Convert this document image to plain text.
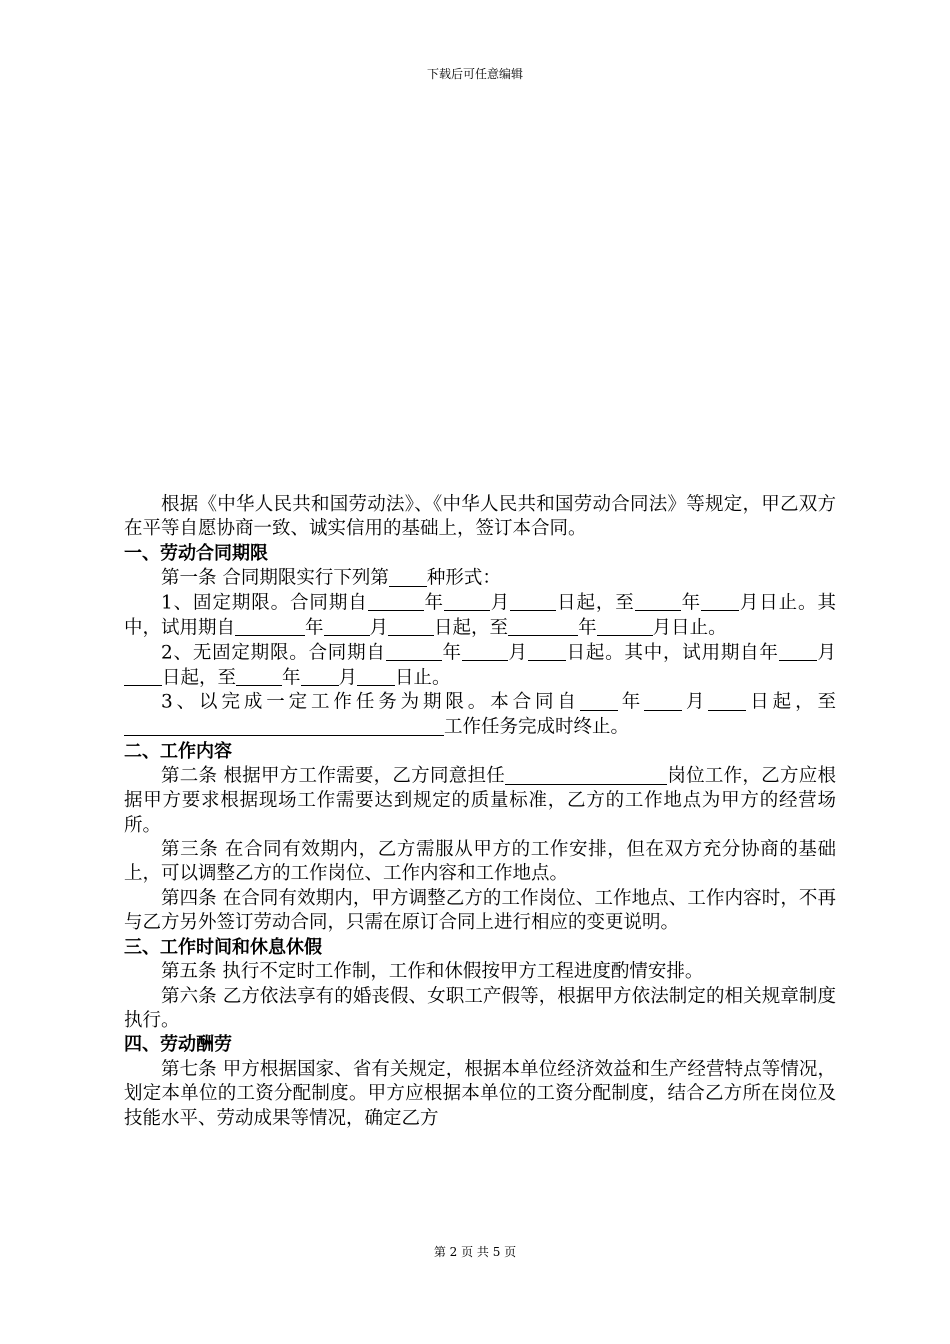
下载后可任意编辑

根据《中华人民共和国劳动法》、《中华人民共和国劳动合同法》等规定，甲乙双方在平等自愿协商一致、诚实信用的基础上，签订本合同。

一、劳动合同期限

第一条 合同期限实行下列第 种形式：

1、固定期限。合同期自	年 月 日起，至 年 月日止。其中，试用期自	年 月 日起，至	年	月日止。

2、无固定期限。合同期自	年 月 日起。其中，试用期自年 月日起，至 年 月 日止。

3、以完成一定工作任务为期限。本合同自 年 月 日起，至工作任务完成时终止。

二、工作内容

第二条 根据甲方工作需要，乙方同意担任	岗位工作，乙方应根据甲方要求根据现场工作需要达到规定的质量标准，乙方的工作地点为甲方的经营场所。

第三条 在合同有效期内，乙方需服从甲方的工作安排，但在双方充分协商的基础上，可以调整乙方的工作岗位、工作内容和工作地点。

第四条 在合同有效期内，甲方调整乙方的工作岗位、工作地点、工作内容时，不再与乙方另外签订劳动合同，只需在原订合同上进行相应的变更说明。

三、工作时间和休息休假

第五条 执行不定时工作制，工作和休假按甲方工程进度酌情安排。

第六条 乙方依法享有的婚丧假、女职工产假等，根据甲方依法制定的相关规章制度执行。

四、劳动酬劳

第七条 甲方根据国家、省有关规定，根据本单位经济效益和生产经营特点等情况，划定本单位的工资分配制度。甲方应根据本单位的工资分配制度，结合乙方所在岗位及技能水平、劳动成果等情况，确定乙方

第 2 页 共 5 页
